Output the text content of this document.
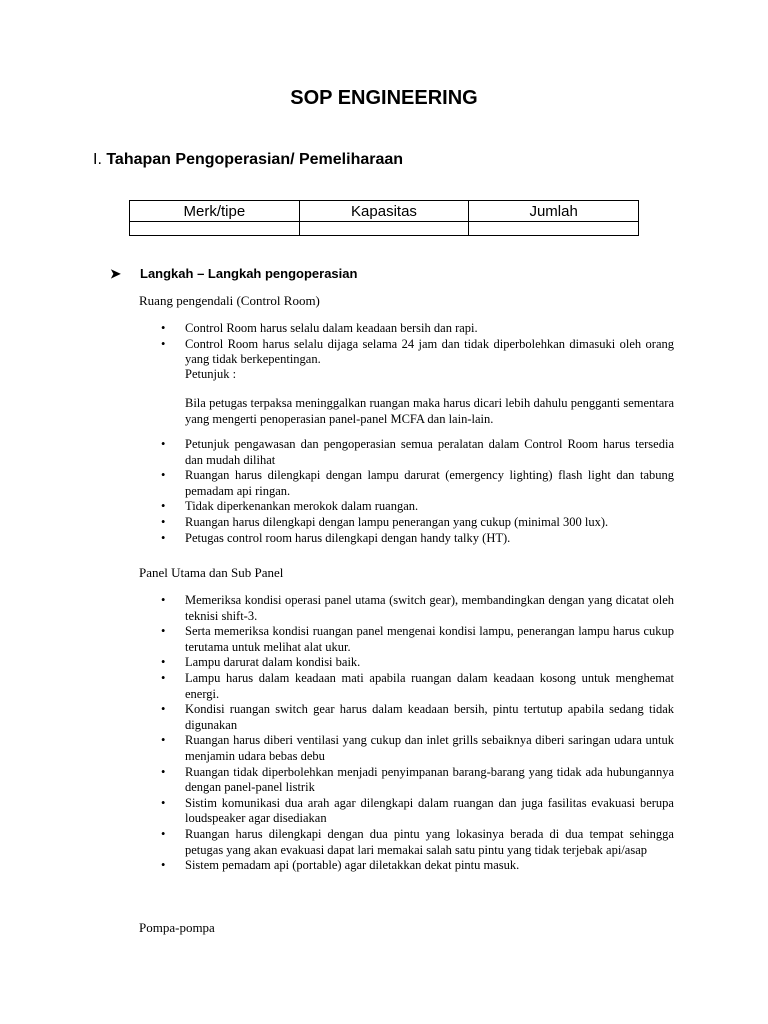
SOP ENGINEERING
I. Tahapan Pengoperasian/ Pemeliharaan
Merk/tipe	Kapasitas	Jumlah

➤ Langkah – Langkah pengoperasian
Ruang pengendali (Control Room)
• Control Room harus selalu dalam keadaan bersih dan rapi.
• Control Room harus selalu dijaga selama 24 jam dan tidak diperbolehkan dimasuki oleh orang yang tidak berkepentingan.
Petunjuk :
Bila petugas terpaksa meninggalkan ruangan maka harus dicari lebih dahulu pengganti sementara yang mengerti penoperasian panel-panel MCFA dan lain-lain.
• Petunjuk pengawasan dan pengoperasian semua peralatan dalam Control Room harus tersedia dan mudah dilihat
• Ruangan harus dilengkapi dengan lampu darurat (emergency lighting) flash light dan tabung pemadam api ringan.
• Tidak diperkenankan merokok dalam ruangan.
• Ruangan harus dilengkapi dengan lampu penerangan yang cukup (minimal 300 lux).
• Petugas control room harus dilengkapi dengan handy talky (HT).
Panel Utama dan Sub Panel
• Memeriksa kondisi operasi panel utama (switch gear), membandingkan dengan yang dicatat oleh teknisi shift-3.
• Serta memeriksa kondisi ruangan panel mengenai kondisi lampu, penerangan lampu harus cukup terutama untuk melihat alat ukur.
• Lampu darurat dalam kondisi baik.
• Lampu harus dalam keadaan mati apabila ruangan dalam keadaan kosong untuk menghemat energi.
• Kondisi ruangan switch gear harus dalam keadaan bersih, pintu tertutup apabila sedang tidak digunakan
• Ruangan harus diberi ventilasi yang cukup dan inlet grills sebaiknya diberi saringan udara untuk menjamin udara bebas debu
• Ruangan tidak diperbolehkan menjadi penyimpanan barang-barang yang tidak ada hubungannya dengan panel-panel listrik
• Sistim komunikasi dua arah agar dilengkapi dalam ruangan dan juga fasilitas evakuasi berupa loudspeaker agar disediakan
• Ruangan harus dilengkapi dengan dua pintu yang lokasinya berada di dua tempat sehingga petugas yang akan evakuasi dapat lari memakai salah satu pintu yang tidak terjebak api/asap
• Sistem pemadam api (portable) agar diletakkan dekat pintu masuk.
Pompa-pompa
